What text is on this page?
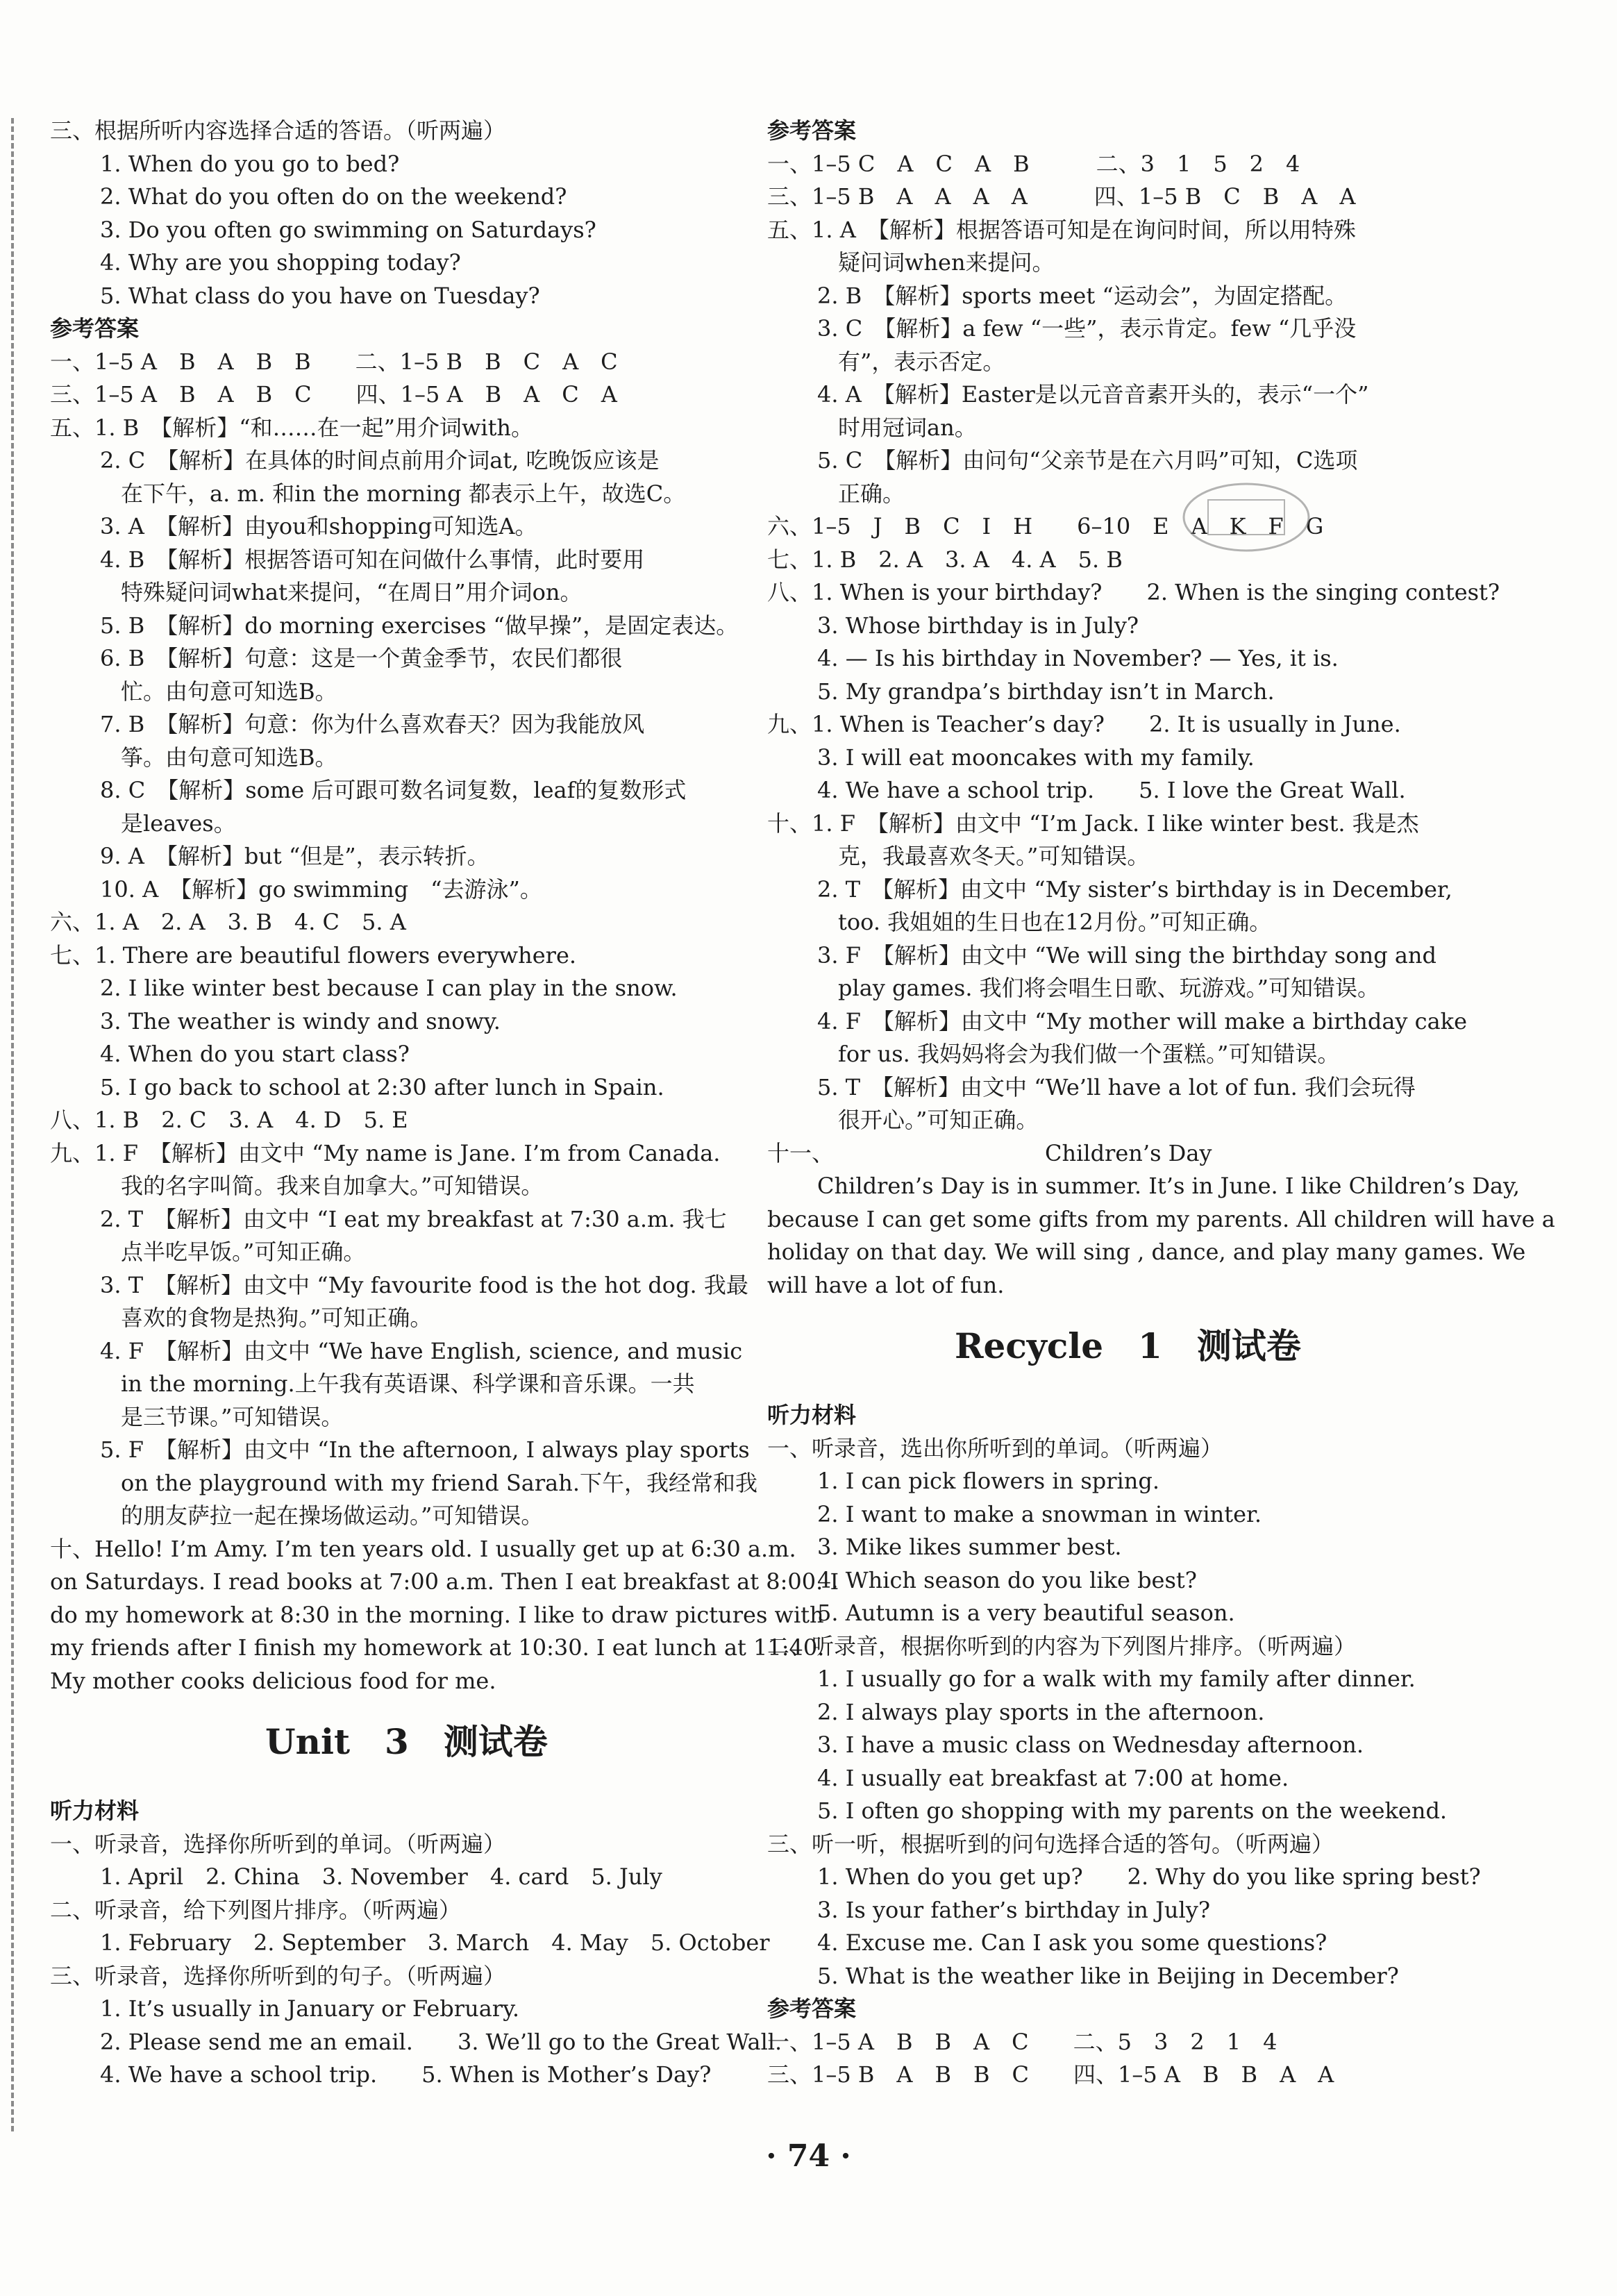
三、根据所听内容选择合适的答语。（听两遍）
1. When do you go to bed?
2. What do you often do on the weekend?
3. Do you often go swimming on Saturdays?
4. Why are you shopping today?
5. What class do you have on Tuesday?
参考答案
一、1–5 A　B　A　B　B　　二、1–5 B　B　C　A　C
三、1–5 A　B　A　B　C　　四、1–5 A　B　A　C　A
五、1. B　【解析】“和……在一起”用介词with。
2. C　【解析】在具体的时间点前用介词at, 吃晚饭应该是
在下午，a. m. 和in the morning 都表示上午，故选C。
3. A　【解析】由you和shopping可知选A。
4. B　【解析】根据答语可知在问做什么事情，此时要用
特殊疑问词what来提问，“在周日”用介词on。
5. B　【解析】do morning exercises “做早操”，是固定表达。
6. B　【解析】句意：这是一个黄金季节，农民们都很
忙。由句意可知选B。
7. B　【解析】句意：你为什么喜欢春天？因为我能放风
筝。由句意可知选B。
8. C　【解析】some 后可跟可数名词复数，leaf的复数形式
是leaves。
9. A　【解析】but “但是”，表示转折。
10. A　【解析】go swimming　“去游泳”。
六、1. A　2. A　3. B　4. C　5. A
七、1. There are beautiful flowers everywhere.
2. I like winter best because I can play in the snow.
3. The weather is windy and snowy.
4. When do you start class?
5. I go back to school at 2:30 after lunch in Spain.
八、1. B　2. C　3. A　4. D　5. E
九、1. F　【解析】由文中 “My name is Jane. I’m from Canada.
我的名字叫简。我来自加拿大。”可知错误。
2. T　【解析】由文中 “I eat my breakfast at 7:30 a.m. 我七
点半吃早饭。”可知正确。
3. T　【解析】由文中 “My favourite food is the hot dog. 我最
喜欢的食物是热狗。”可知正确。
4. F　【解析】由文中 “We have English, science, and music
in the morning.上午我有英语课、科学课和音乐课。一共
是三节课。”可知错误。
5. F　【解析】由文中 “In the afternoon, I always play sports
on the playground with my friend Sarah.下午，我经常和我
的朋友萨拉一起在操场做运动。”可知错误。
十、Hello! I’m Amy. I’m ten years old. I usually get up at 6:30 a.m.
on Saturdays. I read books at 7:00 a.m. Then I eat breakfast at 8:00. I
do my homework at 8:30 in the morning. I like to draw pictures with
my friends after I finish my homework at 10:30. I eat lunch at 11:40.
My mother cooks delicious food for me.
Unit　3　测试卷
听力材料
一、听录音，选择你所听到的单词。（听两遍）
1. April　2. China　3. November　4. card　5. July
二、听录音，给下列图片排序。（听两遍）
1. February　2. September　3. March　4. May　5. October
三、听录音，选择你所听到的句子。（听两遍）
1. It’s usually in January or February.
2. Please send me an email.　　3. We’ll go to the Great Wall.
4. We have a school trip.　　5. When is Mother’s Day?
参考答案
一、1–5 C　A　C　A　B　　　二、3　1　5　2　4
三、1–5 B　A　A　A　A　　　四、1–5 B　C　B　A　A
五、1. A　【解析】根据答语可知是在询问时间，所以用特殊
疑问词when来提问。
2. B　【解析】sports meet “运动会”，为固定搭配。
3. C　【解析】a few “一些”，表示肯定。few “几乎没
有”，表示否定。
4. A　【解析】Easter是以元音音素开头的，表示“一个”
时用冠词an。
5. C　【解析】由问句“父亲节是在六月吗”可知，C选项
正确。
六、1–5　J　B　C　I　H　　6–10　E　A　K　F　G
七、1. B　2. A　3. A　4. A　5. B
八、1. When is your birthday?　　2. When is the singing contest?
3. Whose birthday is in July?
4. — Is his birthday in November? — Yes, it is.
5. My grandpa’s birthday isn’t in March.
九、1. When is Teacher’s day?　　2. It is usually in June.
3. I will eat mooncakes with my family.
4. We have a school trip.　　5. I love the Great Wall.
十、1. F　【解析】由文中 “I’m Jack. I like winter best. 我是杰
克，我最喜欢冬天。”可知错误。
2. T　【解析】由文中 “My sister’s birthday is in December,
too. 我姐姐的生日也在12月份。”可知正确。
3. F　【解析】由文中 “We will sing the birthday song and
play games. 我们将会唱生日歌、玩游戏。”可知错误。
4. F　【解析】由文中 “My mother will make a birthday cake
for us. 我妈妈将会为我们做一个蛋糕。”可知错误。
5. T　【解析】由文中 “We’ll have a lot of fun. 我们会玩得
很开心。”可知正确。
十一、　　　　　　　　　　Children’s Day
Children’s Day is in summer. It’s in June. I like Children’s Day,
because I can get some gifts from my parents. All children will have a
holiday on that day. We will sing , dance, and play many games. We
will have a lot of fun.
Recycle　1　测试卷
听力材料
一、听录音，选出你所听到的单词。（听两遍）
1. I can pick flowers in spring.
2. I want to make a snowman in winter.
3. Mike likes summer best.
4. Which season do you like best?
5. Autumn is a very beautiful season.
二、听录音，根据你听到的内容为下列图片排序。（听两遍）
1. I usually go for a walk with my family after dinner.
2. I always play sports in the afternoon.
3. I have a music class on Wednesday afternoon.
4. I usually eat breakfast at 7:00 at home.
5. I often go shopping with my parents on the weekend.
三、听一听，根据听到的问句选择合适的答句。（听两遍）
1. When do you get up?　　2. Why do you like spring best?
3. Is your father’s birthday in July?
4. Excuse me. Can I ask you some questions?
5. What is the weather like in Beijing in December?
参考答案
一、1–5 A　B　B　A　C　　二、5　3　2　1　4
三、1–5 B　A　B　B　C　　四、1–5 A　B　B　A　A
· 74 ·
